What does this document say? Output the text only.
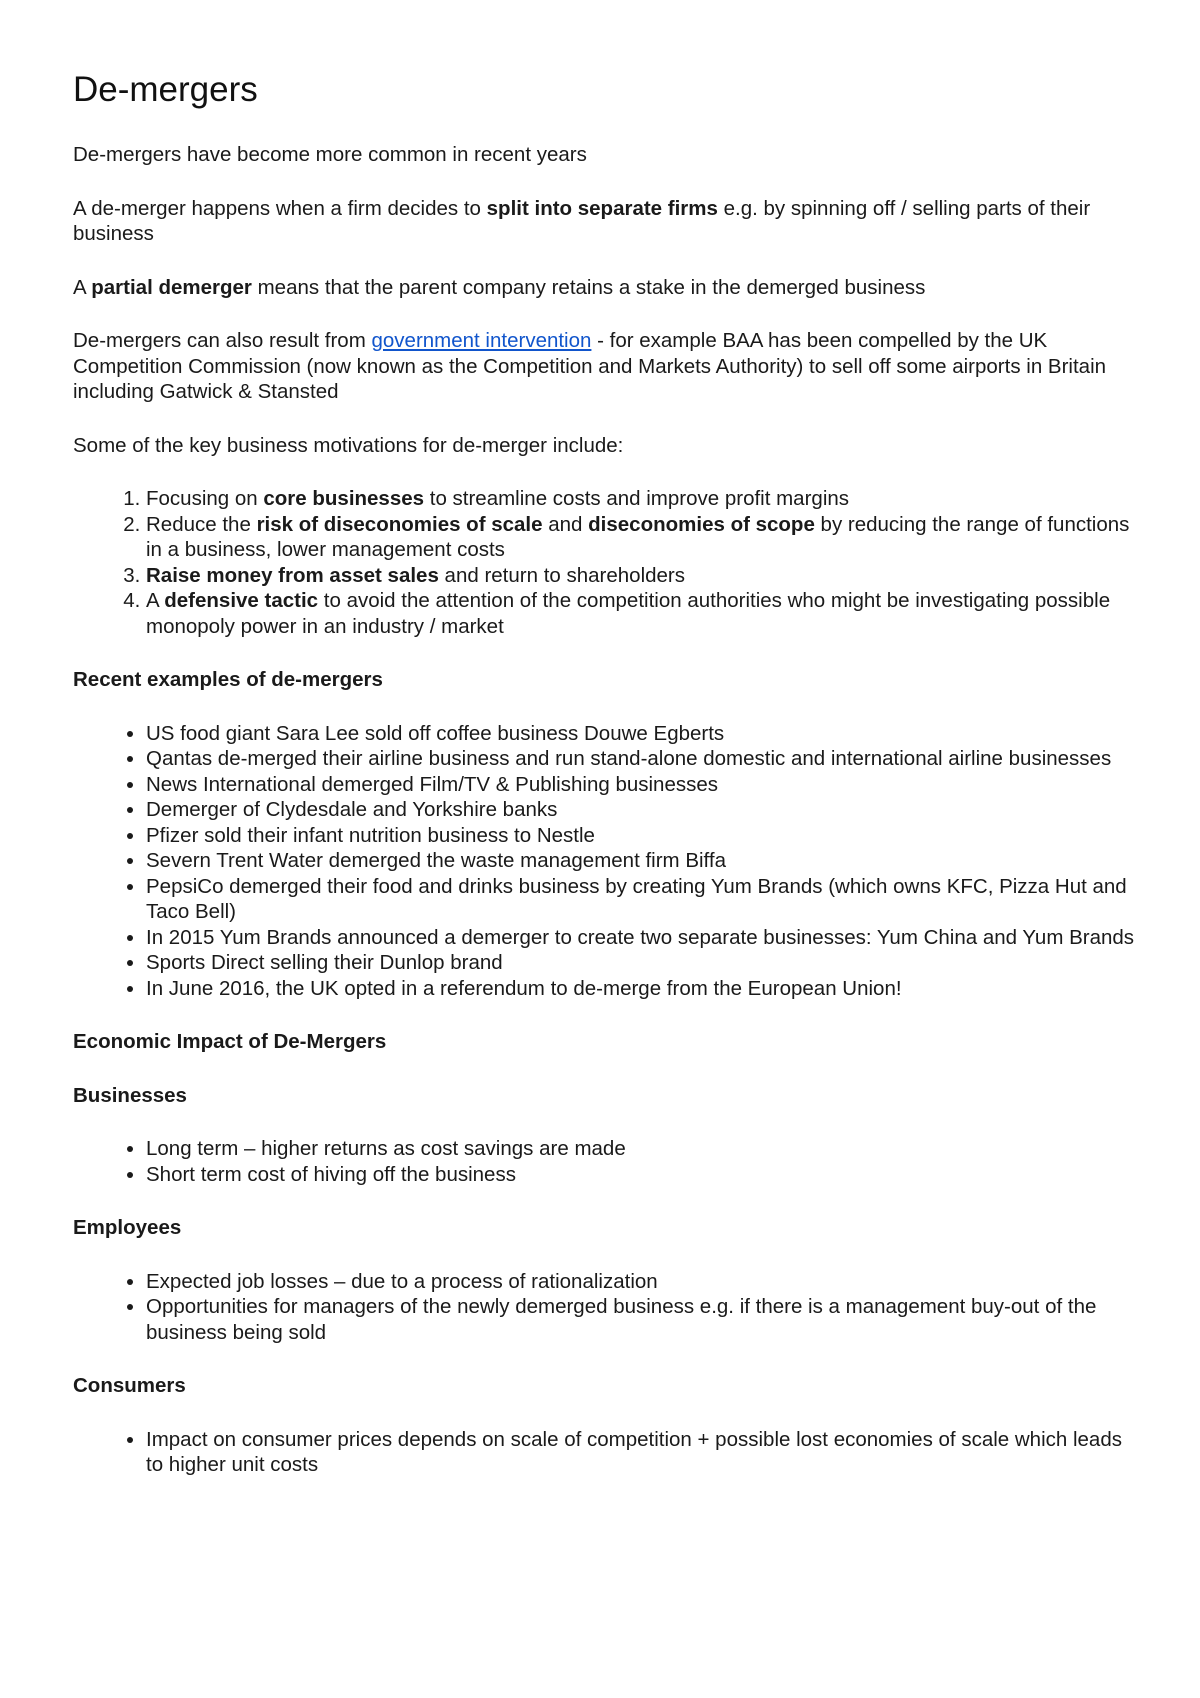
De-mergers

De-mergers have become more common in recent years

A de-merger happens when a firm decides to split into separate firms e.g. by spinning off / selling parts of their business

A partial demerger means that the parent company retains a stake in the demerged business

De-mergers can also result from government intervention - for example BAA has been compelled by the UK Competition Commission (now known as the Competition and Markets Authority) to sell off some airports in Britain including Gatwick & Stansted

Some of the key business motivations for de-merger include:

1. Focusing on core businesses to streamline costs and improve profit margins
2. Reduce the risk of diseconomies of scale and diseconomies of scope by reducing the range of functions in a business, lower management costs
3. Raise money from asset sales and return to shareholders
4. A defensive tactic to avoid the attention of the competition authorities who might be investigating possible monopoly power in an industry / market

Recent examples of de-mergers

• US food giant Sara Lee sold off coffee business Douwe Egberts
• Qantas de-merged their airline business and run stand-alone domestic and international airline businesses
• News International demerged Film/TV & Publishing businesses
• Demerger of Clydesdale and Yorkshire banks
• Pfizer sold their infant nutrition business to Nestle
• Severn Trent Water demerged the waste management firm Biffa
• PepsiCo demerged their food and drinks business by creating Yum Brands (which owns KFC, Pizza Hut and Taco Bell)
• In 2015 Yum Brands announced a demerger to create two separate businesses: Yum China and Yum Brands
• Sports Direct selling their Dunlop brand
• In June 2016, the UK opted in a referendum to de-merge from the European Union!

Economic Impact of De-Mergers

Businesses

• Long term – higher returns as cost savings are made
• Short term cost of hiving off the business

Employees

• Expected job losses – due to a process of rationalization
• Opportunities for managers of the newly demerged business e.g. if there is a management buy-out of the business being sold

Consumers

• Impact on consumer prices depends on scale of competition + possible lost economies of scale which leads to higher unit costs
